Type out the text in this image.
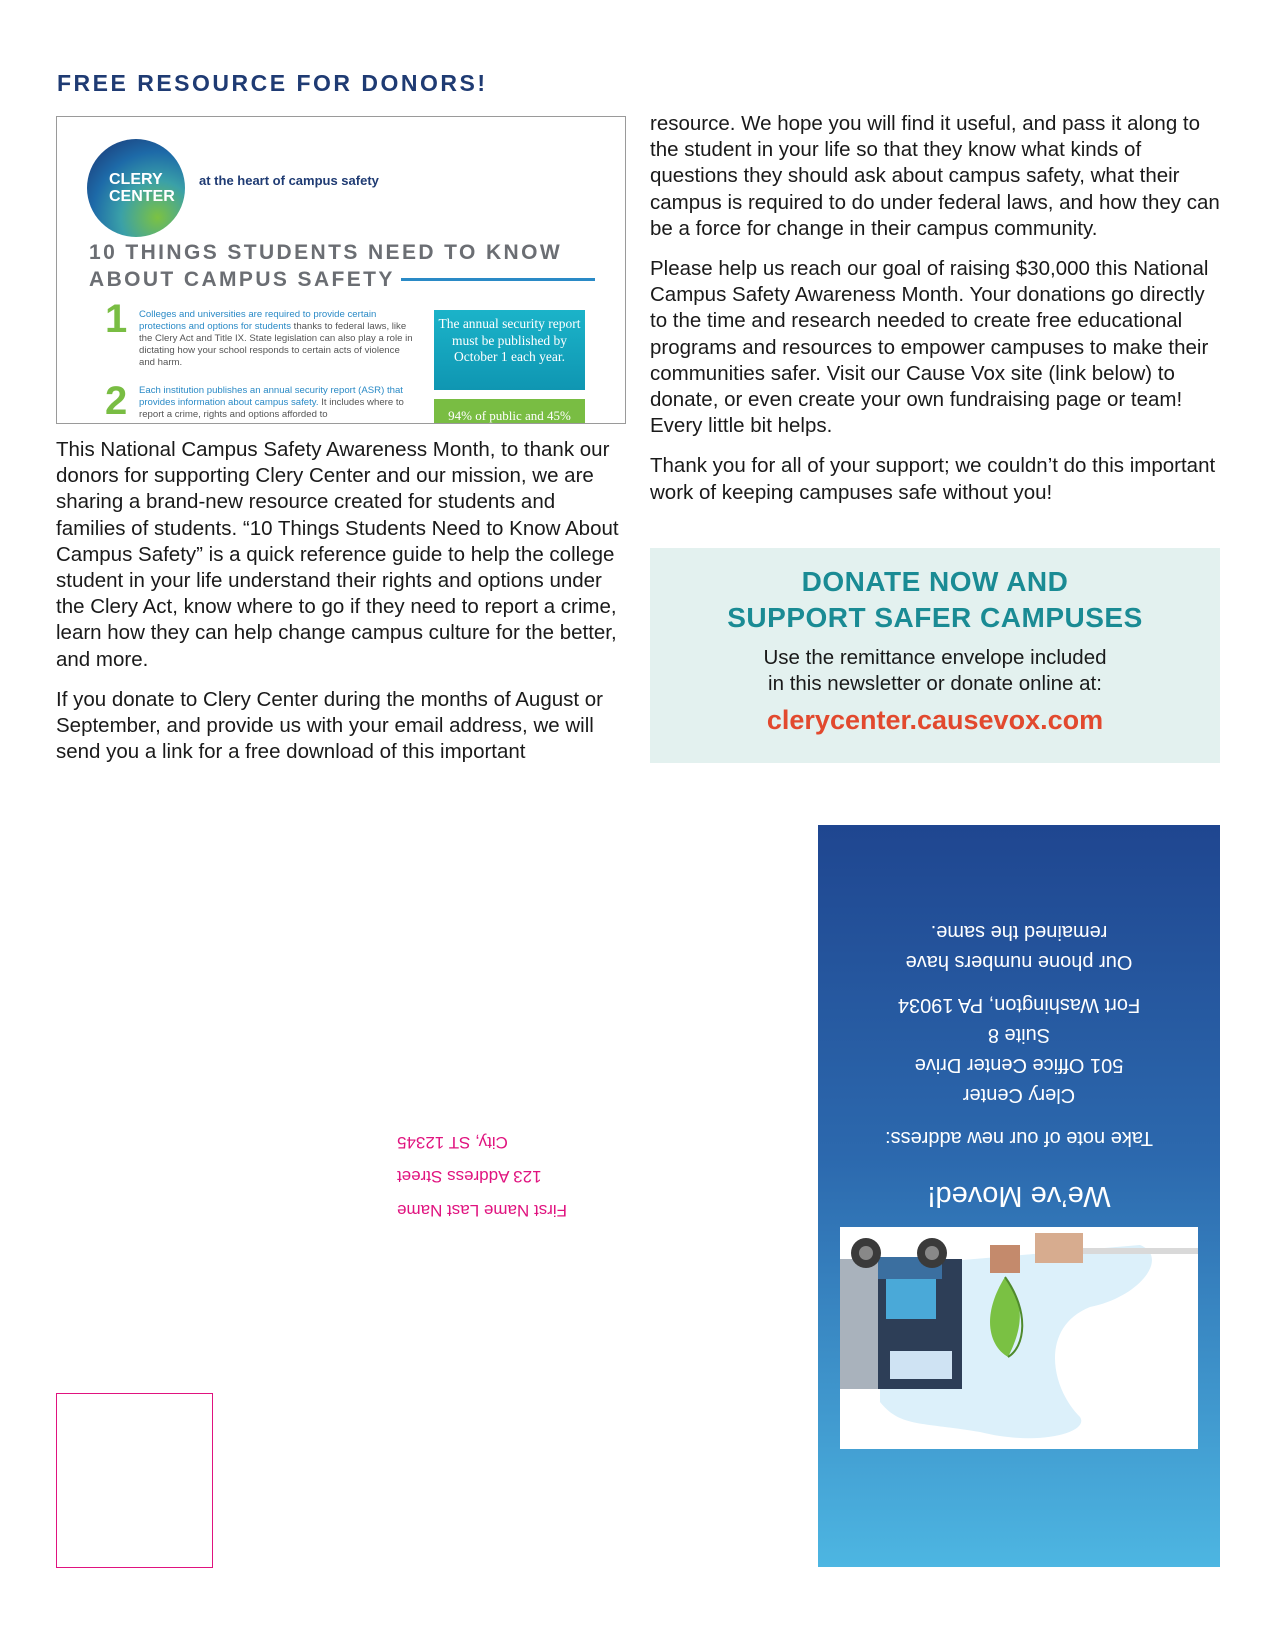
FREE RESOURCE FOR DONORS!
CLERY CENTER
at the heart of campus safety
10 THINGS STUDENTS NEED TO KNOW
ABOUT CAMPUS SAFETY
1 Colleges and universities are required to provide certain protections and options for students thanks to federal laws, like the Clery Act and Title IX. State legislation can also play a role in dictating how your school responds to certain acts of violence and harm.
2 Each institution publishes an annual security report (ASR) that provides information about campus safety. It includes where to report a crime, rights and options afforded to
The annual security report must be published by October 1 each year.
94% of public and 45%

This National Campus Safety Awareness Month, to thank our donors for supporting Clery Center and our mission, we are sharing a brand-new resource created for students and families of students. “10 Things Students Need to Know About Campus Safety” is a quick reference guide to help the college student in your life understand their rights and options under the Clery Act, know where to go if they need to report a crime, learn how they can help change campus culture for the better, and more.

If you donate to Clery Center during the months of August or September, and provide us with your email address, we will send you a link for a free download of this important

resource. We hope you will find it useful, and pass it along to the student in your life so that they know what kinds of questions they should ask about campus safety, what their campus is required to do under federal laws, and how they can be a force for change in their campus community.

Please help us reach our goal of raising $30,000 this National Campus Safety Awareness Month. Your donations go directly to the time and research needed to create free educational programs and resources to empower campuses to make their communities safer. Visit our Cause Vox site (link below) to donate, or even create your own fundraising page or team! Every little bit helps.

Thank you for all of your support; we couldn’t do this important work of keeping campuses safe without you!

DONATE NOW AND
SUPPORT SAFER CAMPUSES
Use the remittance envelope included
in this newsletter or donate online at:
clerycenter.causevox.com
First Name Last Name
123 Address Street
City, ST 12345
We’ve Moved!
Take note of our new address:
Clery Center
501 Office Center Drive
Suite 8
Fort Washington, PA 19034
Our phone numbers have
remained the same.
